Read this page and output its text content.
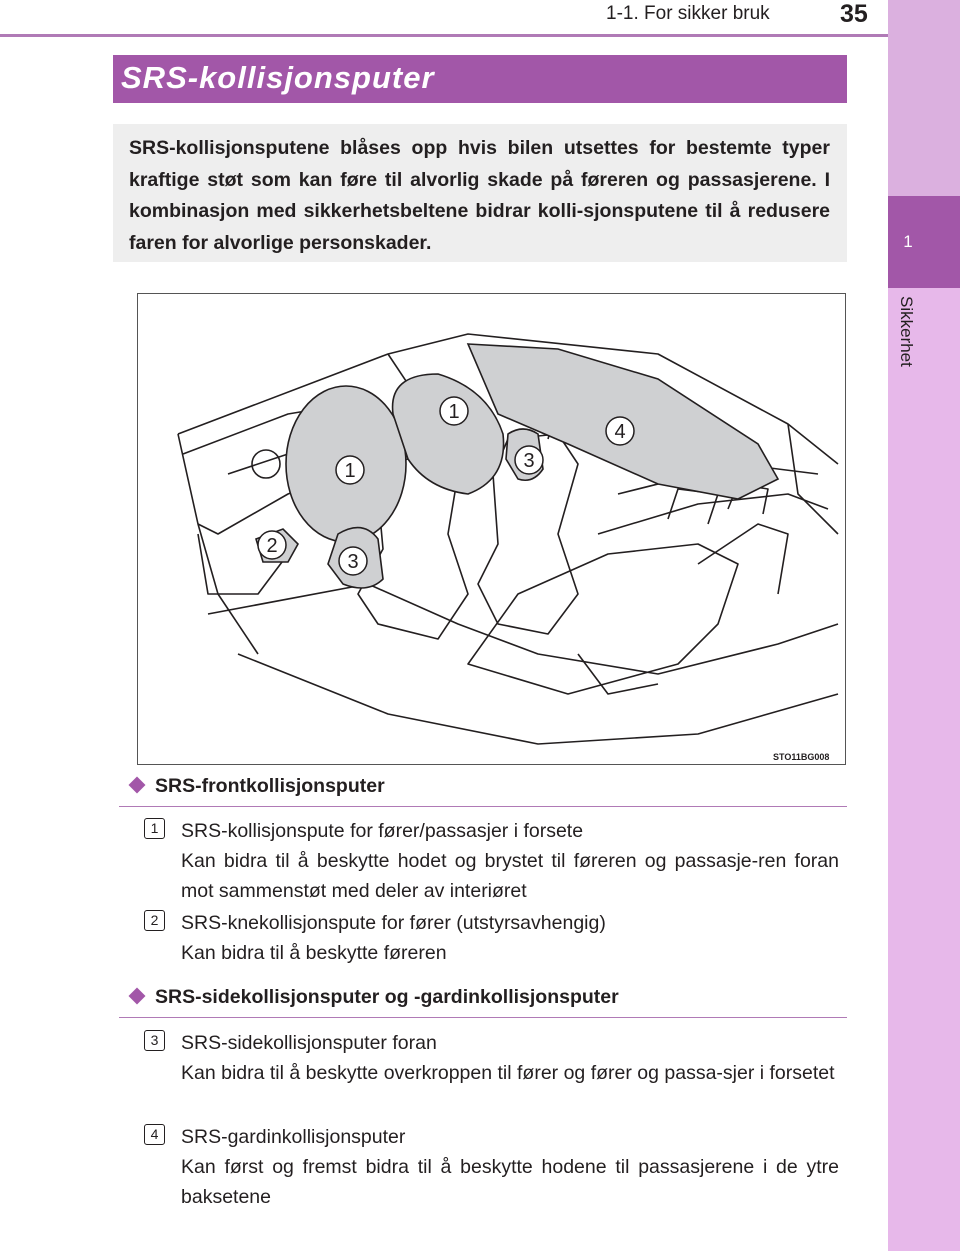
1
Sikkerhet
1-1. For sikker bruk	35
SRS-kollisjonsputer
SRS-kollisjonsputene blåses opp hvis bilen utsettes for bestemte typer kraftige støt som kan føre til alvorlig skade på føreren og passasjerene. I kombinasjon med sikkerhetsbeltene bidrar kolli-sjonsputene til å redusere faren for alvorlige personskader.
1
1
2
3
3
4
STO11BG008
SRS-frontkollisjonsputer
1	SRS-kollisjonspute for fører/passasjer i forsete
Kan bidra til å beskytte hodet og brystet til føreren og passasje-ren foran mot sammenstøt med deler av interiøret
2	SRS-knekollisjonspute for fører (utstyrsavhengig)
Kan bidra til å beskytte føreren
SRS-sidekollisjonsputer og -gardinkollisjonsputer
3	SRS-sidekollisjonsputer foran
Kan bidra til å beskytte overkroppen til fører og fører og passa-sjer i forsetet
4	SRS-gardinkollisjonsputer
Kan først og fremst bidra til å beskytte hodene til passasjerene i de ytre baksetene
